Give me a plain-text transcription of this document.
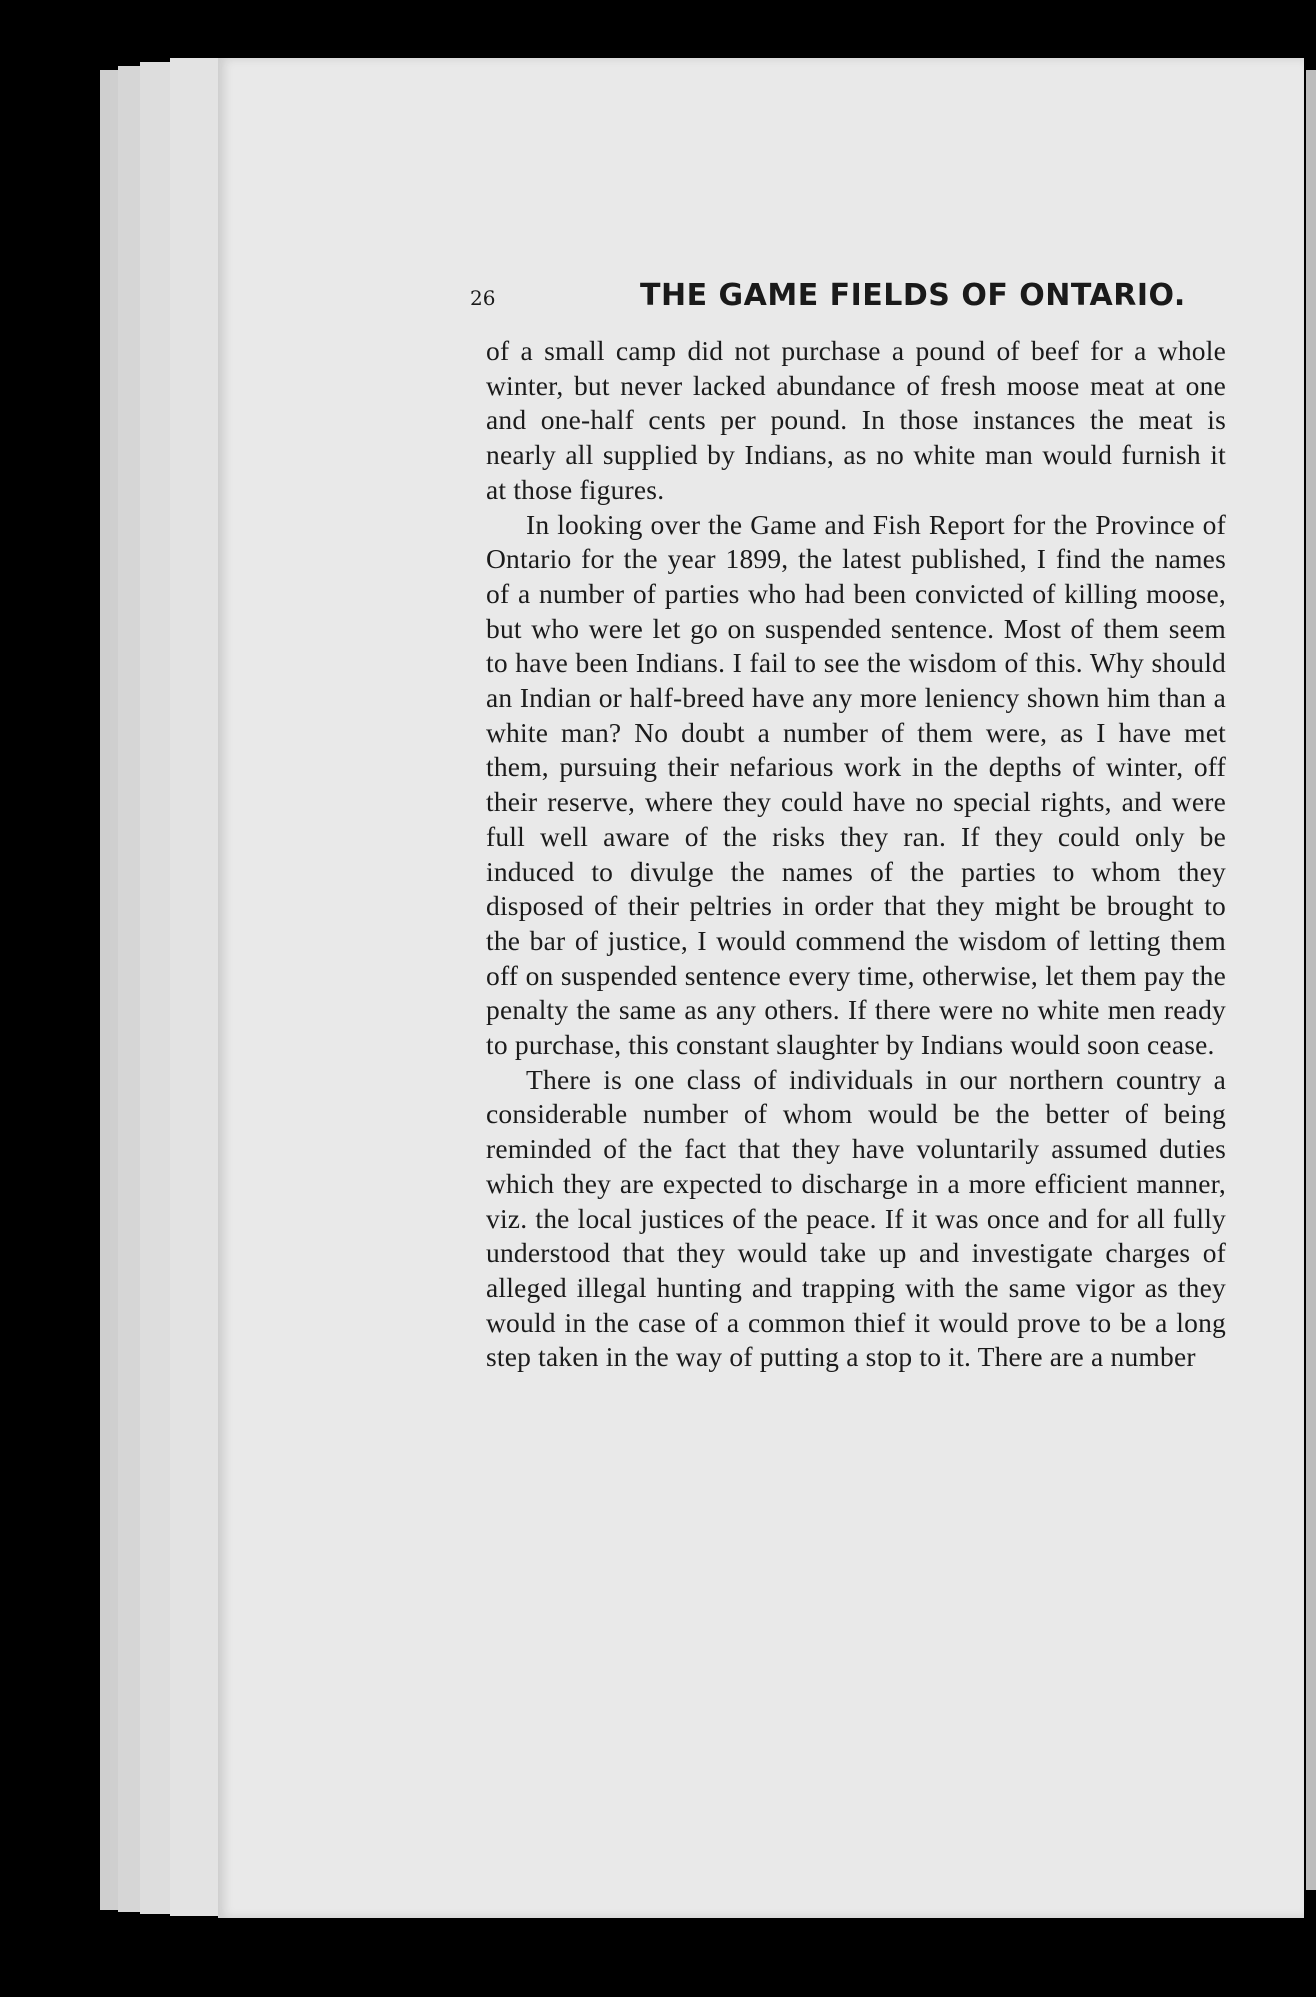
26	THE GAME FIELDS OF ONTARIO.

of a small camp did not purchase a pound of beef for a whole winter, but never lacked abundance of fresh moose meat at one and one-half cents per pound. In those instances the meat is nearly all supplied by Indians, as no white man would furnish it at those figures.

In looking over the Game and Fish Report for the Province of Ontario for the year 1899, the latest published, I find the names of a number of parties who had been convicted of killing moose, but who were let go on suspended sentence. Most of them seem to have been Indians. I fail to see the wisdom of this. Why should an Indian or half-breed have any more leniency shown him than a white man? No doubt a number of them were, as I have met them, pursuing their nefarious work in the depths of winter, off their reserve, where they could have no special rights, and were full well aware of the risks they ran. If they could only be induced to divulge the names of the parties to whom they disposed of their peltries in order that they might be brought to the bar of justice, I would commend the wisdom of letting them off on suspended sentence every time, otherwise, let them pay the penalty the same as any others. If there were no white men ready to purchase, this constant slaughter by Indians would soon cease.

There is one class of individuals in our northern country a considerable number of whom would be the better of being reminded of the fact that they have voluntarily assumed duties which they are expected to discharge in a more efficient manner, viz. the local justices of the peace. If it was once and for all fully understood that they would take up and investigate charges of alleged illegal hunting and trapping with the same vigor as they would in the case of a common thief it would prove to be a long step taken in the way of putting a stop to it. There are a number
